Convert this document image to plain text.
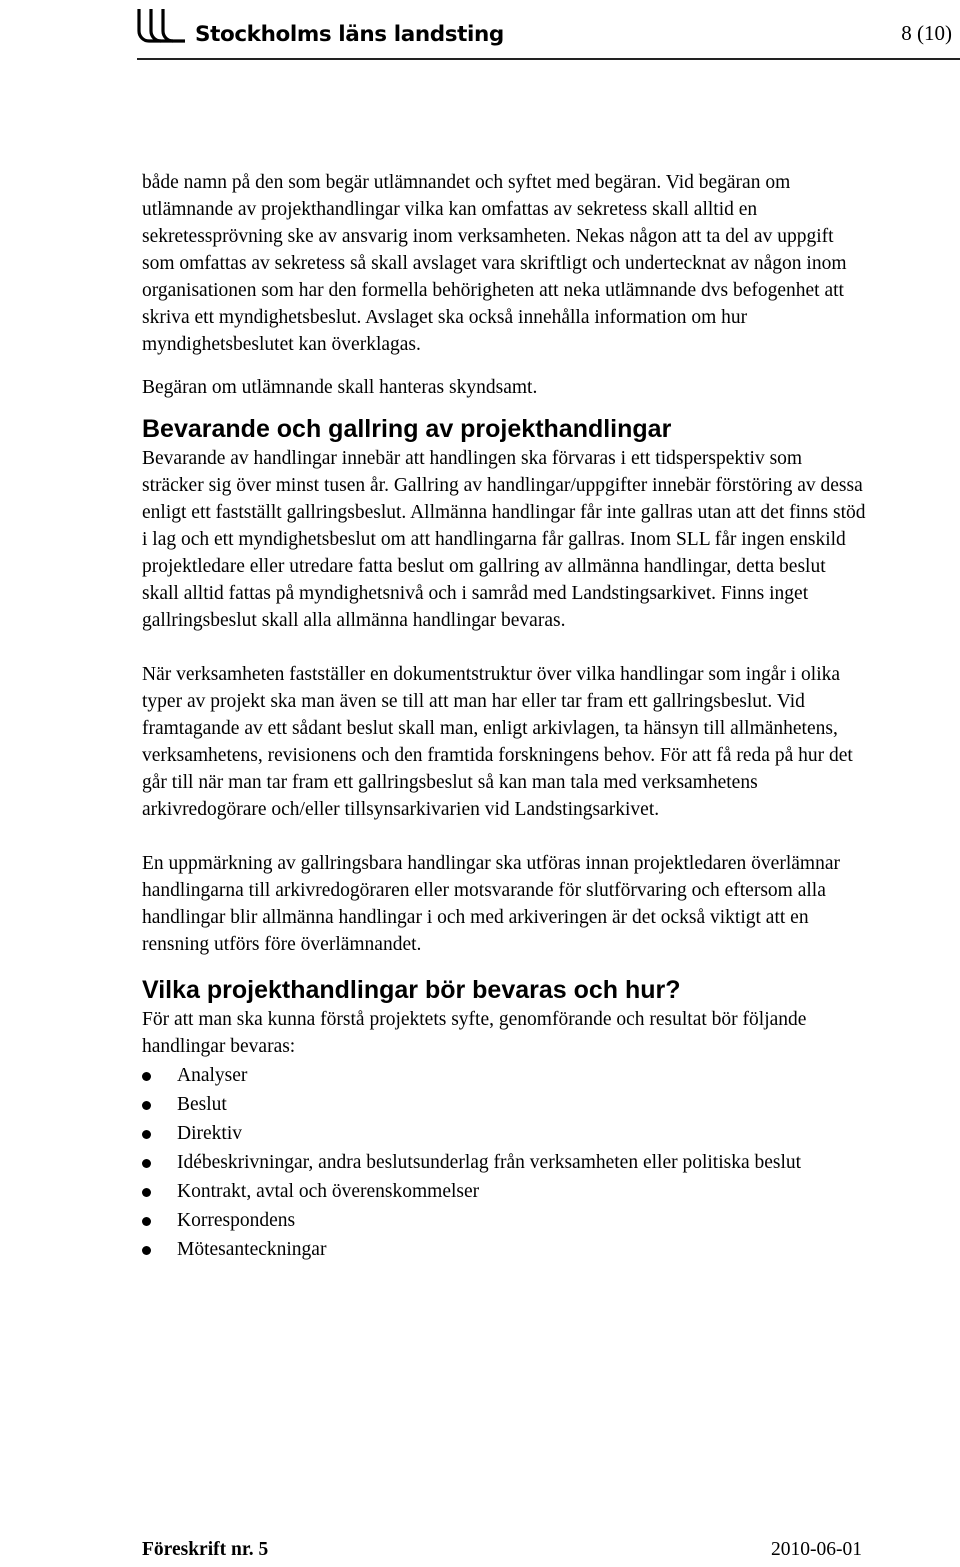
Stockholms läns landsting	8 (10)

både namn på den som begär utlämnandet och syftet med begäran. Vid begäran om utlämnande av projekthandlingar vilka kan omfattas av sekretess skall alltid en sekretessprövning ske av ansvarig inom verksamheten. Nekas någon att ta del av uppgift som omfattas av sekretess så skall avslaget vara skriftligt och undertecknat av någon inom organisationen som har den formella behörigheten att neka utlämnande dvs befogenhet att skriva ett myndighetsbeslut. Avslaget ska också innehålla information om hur myndighetsbeslutet kan överklagas.

Begäran om utlämnande skall hanteras skyndsamt.

Bevarande och gallring av projekthandlingar

Bevarande av handlingar innebär att handlingen ska förvaras i ett tidsperspektiv som sträcker sig över minst tusen år. Gallring av handlingar/uppgifter innebär förstöring av dessa enligt ett fastställt gallringsbeslut. Allmänna handlingar får inte gallras utan att det finns stöd i lag och ett myndighetsbeslut om att handlingarna får gallras. Inom SLL får ingen enskild projektledare eller utredare fatta beslut om gallring av allmänna handlingar, detta beslut skall alltid fattas på myndighetsnivå och i samråd med Landstingsarkivet. Finns inget gallringsbeslut skall alla allmänna handlingar bevaras.

När verksamheten fastställer en dokumentstruktur över vilka handlingar som ingår i olika typer av projekt ska man även se till att man har eller tar fram ett gallringsbeslut. Vid framtagande av ett sådant beslut skall man, enligt arkivlagen, ta hänsyn till allmänhetens, verksamhetens, revisionens och den framtida forskningens behov. För att få reda på hur det går till när man tar fram ett gallringsbeslut så kan man tala med verksamhetens arkivredogörare och/eller tillsynsarkivarien vid Landstingsarkivet.

En uppmärkning av gallringsbara handlingar ska utföras innan projektledaren överlämnar handlingarna till arkivredogöraren eller motsvarande för slutförvaring och eftersom alla handlingar blir allmänna handlingar i och med arkiveringen är det också viktigt att en rensning utförs före överlämnandet.

Vilka projekthandlingar bör bevaras och hur?

För att man ska kunna förstå projektets syfte, genomförande och resultat bör följande handlingar bevaras:

Analyser
Beslut
Direktiv
Idébeskrivningar, andra beslutsunderlag från verksamheten eller politiska beslut
Kontrakt, avtal och överenskommelser
Korrespondens
Mötesanteckningar
Föreskrift nr. 5	2010-06-01
